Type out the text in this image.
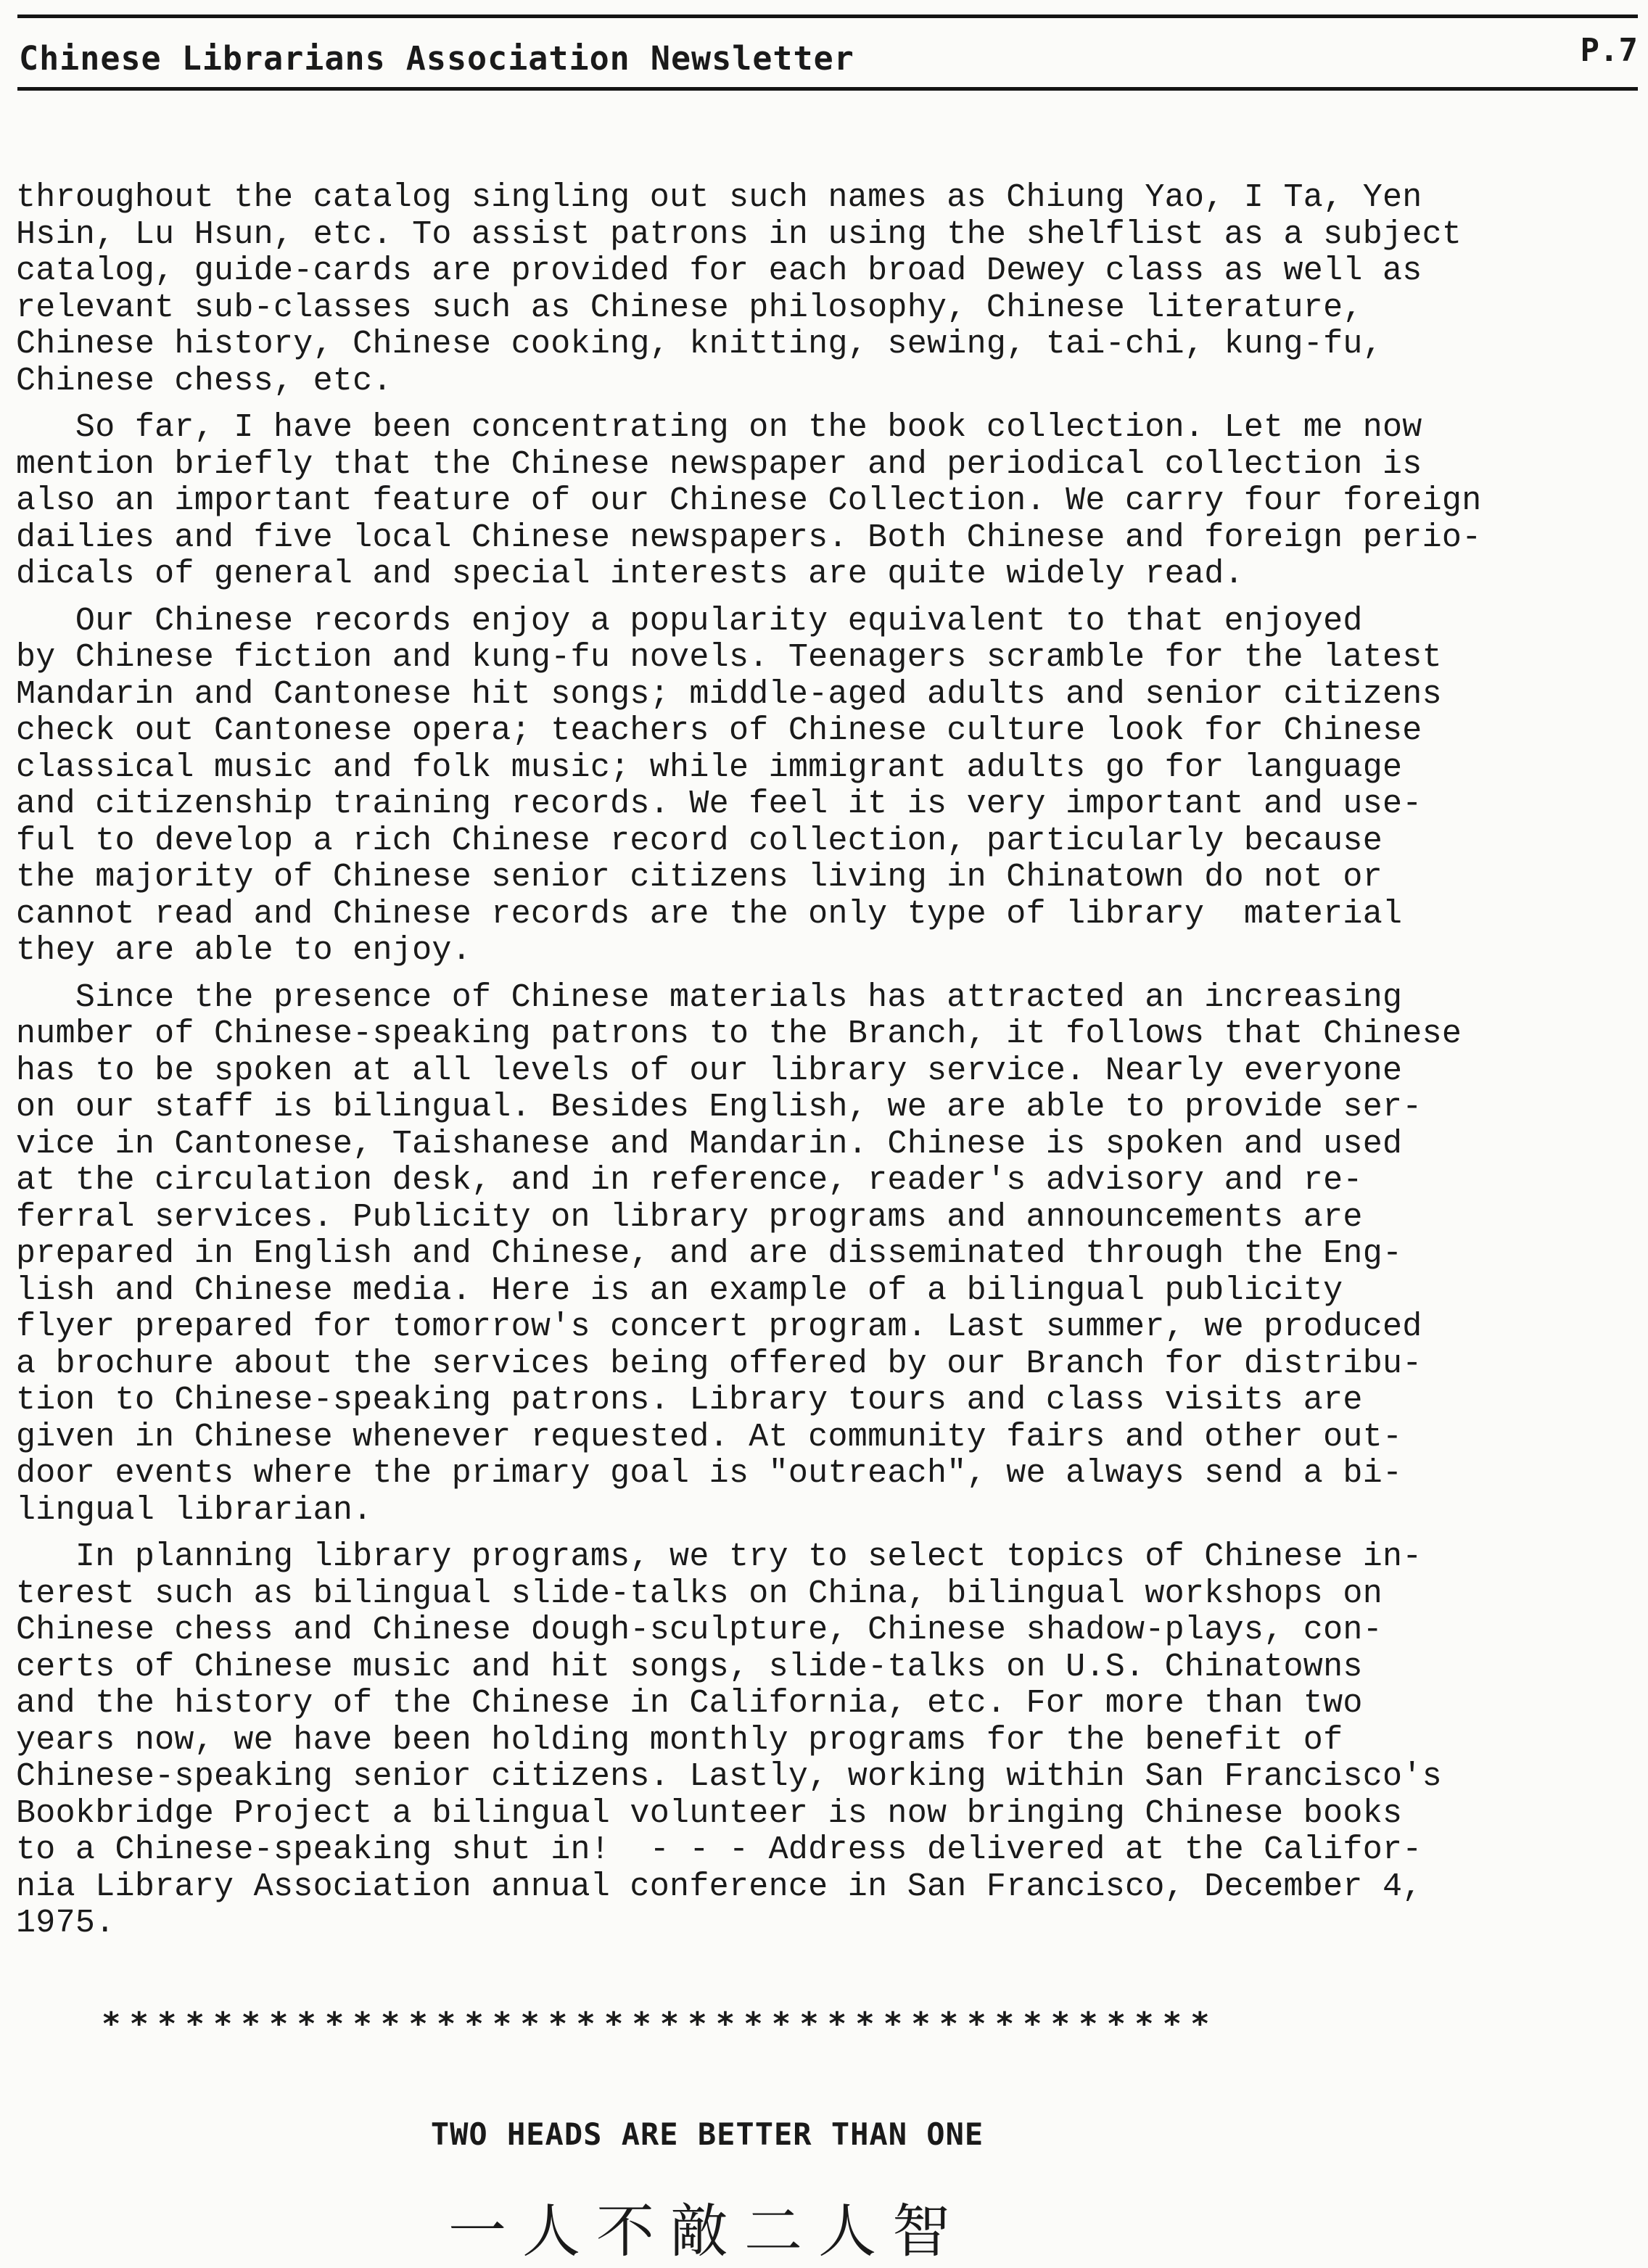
Chinese Librarians Association Newsletter	P.7
throughout the catalog singling out such names as Chiung Yao, I Ta, Yen
Hsin, Lu Hsun, etc. To assist patrons in using the shelflist as a subject
catalog, guide-cards are provided for each broad Dewey class as well as
relevant sub-classes such as Chinese philosophy, Chinese literature,
Chinese history, Chinese cooking, knitting, sewing, tai-chi, kung-fu,
Chinese chess, etc.
So far, I have been concentrating on the book collection. Let me now
mention briefly that the Chinese newspaper and periodical collection is
also an important feature of our Chinese Collection. We carry four foreign
dailies and five local Chinese newspapers. Both Chinese and foreign perio-
dicals of general and special interests are quite widely read.
Our Chinese records enjoy a popularity equivalent to that enjoyed
by Chinese fiction and kung-fu novels. Teenagers scramble for the latest
Mandarin and Cantonese hit songs; middle-aged adults and senior citizens
check out Cantonese opera; teachers of Chinese culture look for Chinese
classical music and folk music; while immigrant adults go for language
and citizenship training records. We feel it is very important and use-
ful to develop a rich Chinese record collection, particularly because
the majority of Chinese senior citizens living in Chinatown do not or
cannot read and Chinese records are the only type of library  material
they are able to enjoy.
Since the presence of Chinese materials has attracted an increasing
number of Chinese-speaking patrons to the Branch, it follows that Chinese
has to be spoken at all levels of our library service. Nearly everyone
on our staff is bilingual. Besides English, we are able to provide ser-
vice in Cantonese, Taishanese and Mandarin. Chinese is spoken and used
at the circulation desk, and in reference, reader's advisory and re-
ferral services. Publicity on library programs and announcements are
prepared in English and Chinese, and are disseminated through the Eng-
lish and Chinese media. Here is an example of a bilingual publicity
flyer prepared for tomorrow's concert program. Last summer, we produced
a brochure about the services being offered by our Branch for distribu-
tion to Chinese-speaking patrons. Library tours and class visits are
given in Chinese whenever requested. At community fairs and other out-
door events where the primary goal is "outreach", we always send a bi-
lingual librarian.
In planning library programs, we try to select topics of Chinese in-
terest such as bilingual slide-talks on China, bilingual workshops on
Chinese chess and Chinese dough-sculpture, Chinese shadow-plays, con-
certs of Chinese music and hit songs, slide-talks on U.S. Chinatowns
and the history of the Chinese in California, etc. For more than two
years now, we have been holding monthly programs for the benefit of
Chinese-speaking senior citizens. Lastly, working within San Francisco's
Bookbridge Project a bilingual volunteer is now bringing Chinese books
to a Chinese-speaking shut in!  - - - Address delivered at the Califor-
nia Library Association annual conference in San Francisco, December 4,
1975.
****************************************
TWO HEADS ARE BETTER THAN ONE
一人不敵二人智
